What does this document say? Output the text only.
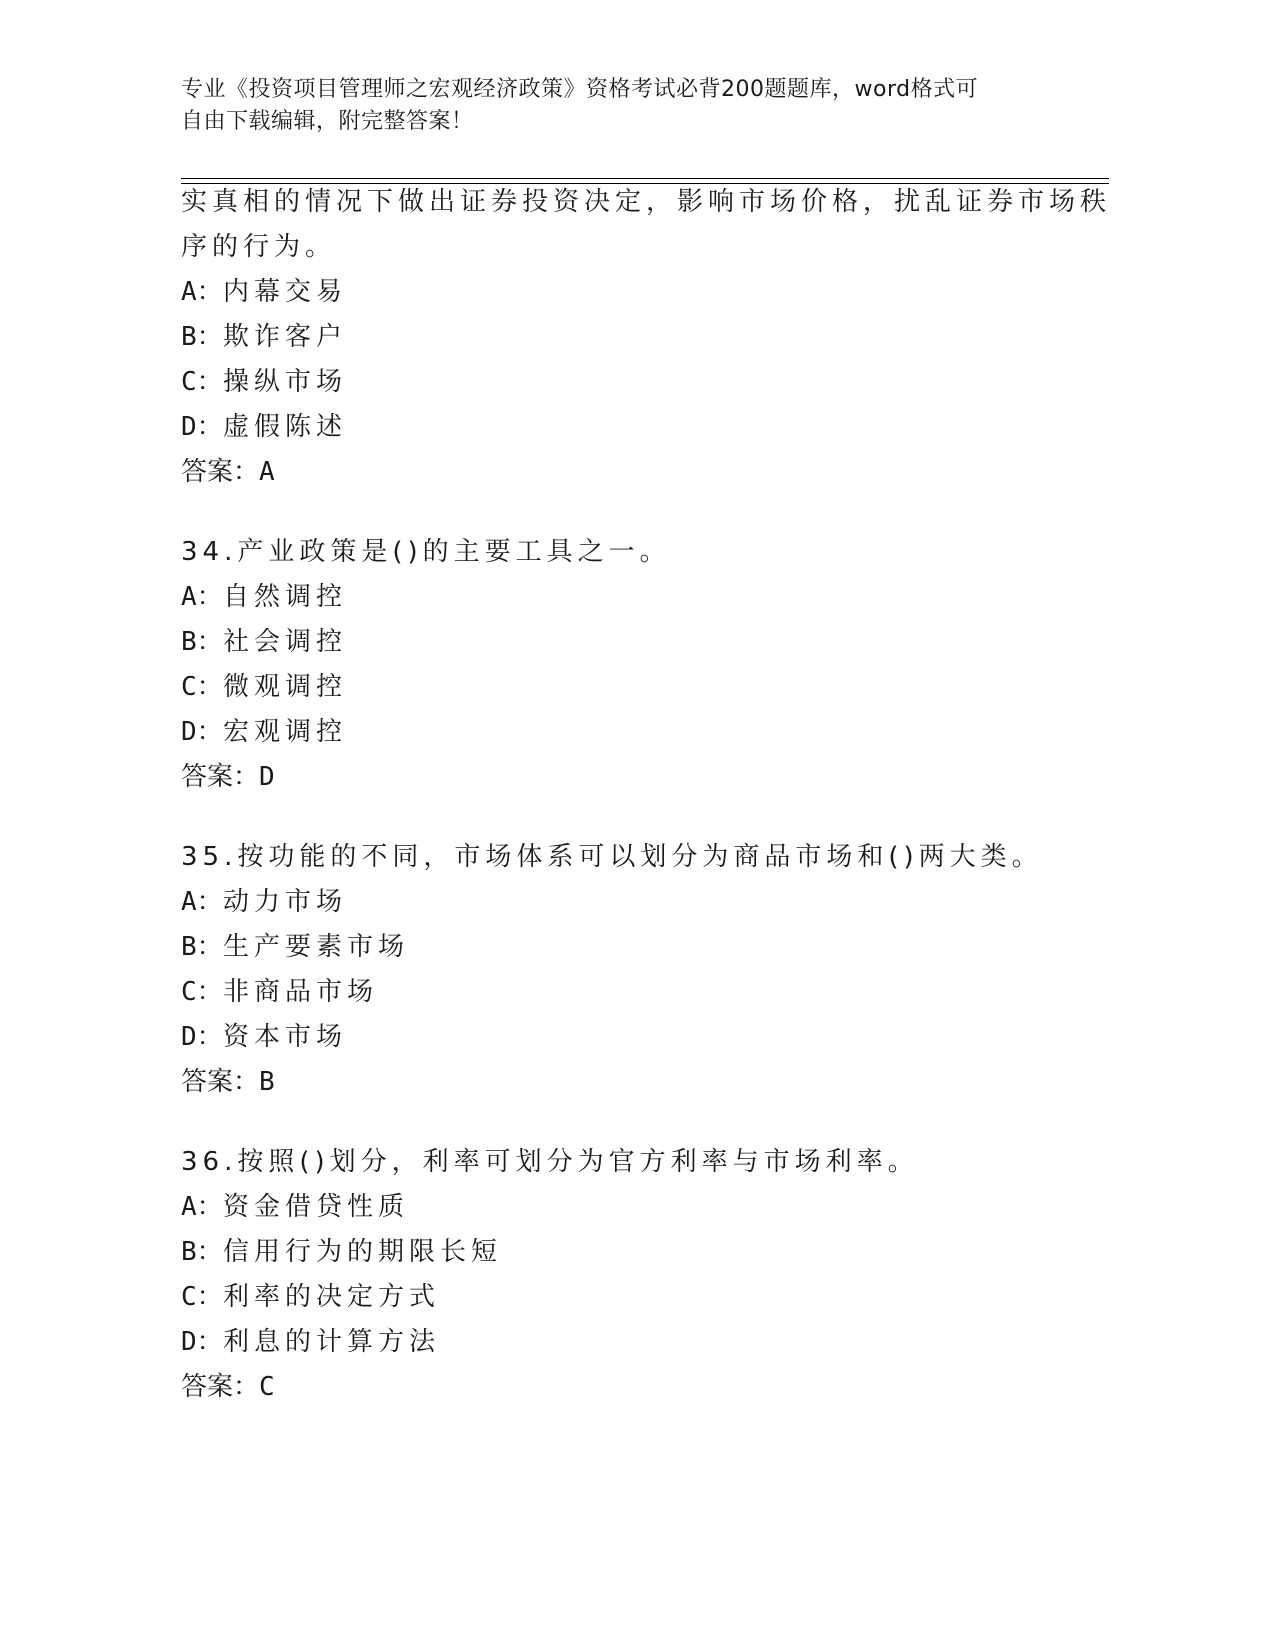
专业《投资项目管理师之宏观经济政策》资格考试必背200题题库，word格式可
自由下载编辑，附完整答案！
实真相的情况下做出证券投资决定，影响市场价格，扰乱证券市场秩
序的行为。
A：内幕交易
B：欺诈客户
C：操纵市场
D：虚假陈述
答案：A
34.产业政策是()的主要工具之一。
A：自然调控
B：社会调控
C：微观调控
D：宏观调控
答案：D
35.按功能的不同，市场体系可以划分为商品市场和()两大类。
A：动力市场
B：生产要素市场
C：非商品市场
D：资本市场
答案：B
36.按照()划分，利率可划分为官方利率与市场利率。
A：资金借贷性质
B：信用行为的期限长短
C：利率的决定方式
D：利息的计算方法
答案：C
